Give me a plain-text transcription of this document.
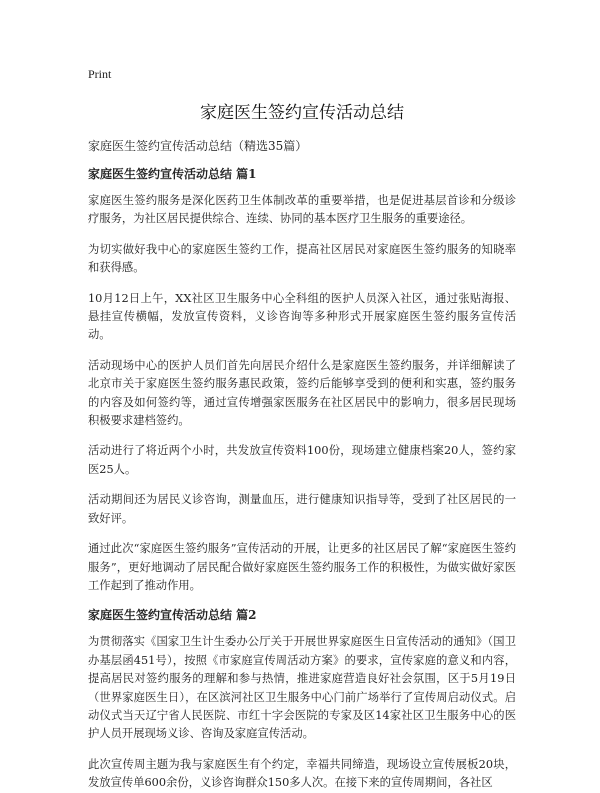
Print
家庭医生签约宣传活动总结

家庭医生签约宣传活动总结（精选35篇）

家庭医生签约宣传活动总结 篇1

家庭医生签约服务是深化医药卫生体制改革的重要举措，也是促进基层首诊和分级诊疗服务，为社区居民提供综合、连续、协同的基本医疗卫生服务的重要途径。

为切实做好我中心的家庭医生签约工作，提高社区居民对家庭医生签约服务的知晓率和获得感。

10月12日上午，XX社区卫生服务中心全科组的医护人员深入社区，通过张贴海报、悬挂宣传横幅，发放宣传资料，义诊咨询等多种形式开展家庭医生签约服务宣传活动。

活动现场中心的医护人员们首先向居民介绍什么是家庭医生签约服务，并详细解读了北京市关于家庭医生签约服务惠民政策，签约后能够享受到的便利和实惠，签约服务的内容及如何签约等，通过宣传增强家医服务在社区居民中的影响力，很多居民现场积极要求建档签约。

活动进行了将近两个小时，共发放宣传资料100份，现场建立健康档案20人，签约家医25人。

活动期间还为居民义诊咨询，测量血压，进行健康知识指导等，受到了社区居民的一致好评。

通过此次“家庭医生签约服务”宣传活动的开展，让更多的社区居民了解“家庭医生签约服务”，更好地调动了居民配合做好家庭医生签约服务工作的积极性，为做实做好家医工作起到了推动作用。

家庭医生签约宣传活动总结 篇2

为贯彻落实《国家卫生计生委办公厅关于开展世界家庭医生日宣传活动的通知》（国卫办基层函451号），按照《市家庭宣传周活动方案》的要求，宣传家庭的意义和内容，提高居民对签约服务的理解和参与热情，推进家庭营造良好社会氛围，区于5月19日（世界家庭医生日），在区滨河社区卫生服务中心门前广场举行了宣传周启动仪式。启动仪式当天辽宁省人民医院、市红十字会医院的专家及区14家社区卫生服务中心的医护人员开展现场义诊、咨询及家庭宣传活动。

此次宣传周主题为我与家庭医生有个约定，幸福共同缔造，现场设立宣传展板20块，发放宣传单600余份，义诊咨询群众150多人次。在接下来的宣传周期间，各社区
